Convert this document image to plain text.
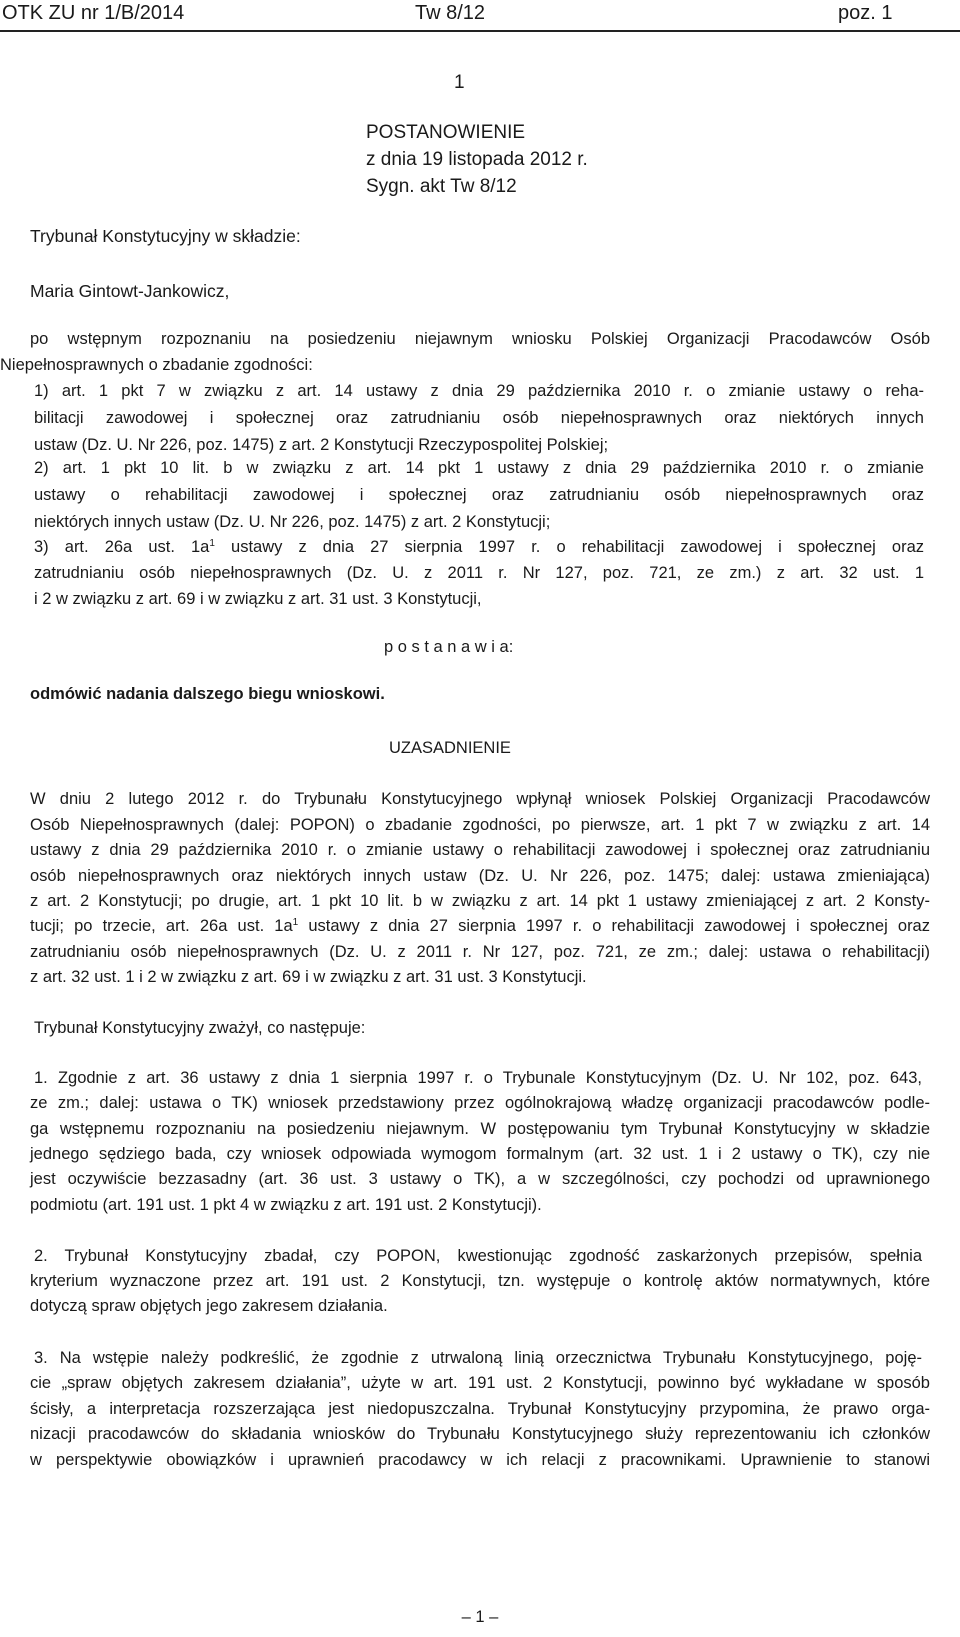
OTK ZU nr 1/B/2014	Tw 8/12	poz. 1
1
POSTANOWIENIE
z dnia 19 listopada 2012 r.
Sygn. akt Tw 8/12
Trybunał Konstytucyjny w składzie:
Maria Gintowt-Jankowicz,

po wstępnym rozpoznaniu na posiedzeniu niejawnym wniosku Polskiej Organizacji Pracodawców Osób

Niepełnosprawnych o zbadanie zgodności:

1) art. 1 pkt 7 w związku z art. 14 ustawy z dnia 29 października 2010 r. o zmianie ustawy o reha-

bilitacji zawodowej i społecznej oraz zatrudnianiu osób niepełnosprawnych oraz niektórych innych

ustaw (Dz. U. Nr 226, poz. 1475) z art. 2 Konstytucji Rzeczypospolitej Polskiej;

2) art. 1 pkt 10 lit. b w związku z art. 14 pkt 1 ustawy z dnia 29 października 2010 r. o zmianie

ustawy o rehabilitacji zawodowej i społecznej oraz zatrudnianiu osób niepełnosprawnych oraz

niektórych innych ustaw (Dz. U. Nr 226, poz. 1475) z art. 2 Konstytucji;

3) art. 26a ust. $1a^1$ ustawy z dnia 27 sierpnia 1997 r. o rehabilitacji zawodowej i społecznej oraz

zatrudnianiu osób niepełnosprawnych (Dz. U. z 2011 r. Nr 127, poz. 721, ze zm.) z art. 32 ust. 1

i 2 w związku z art. 69 i w związku z art. 31 ust. 3 Konstytucji,

p o s t a n a w i a:
odmówić nadania dalszego biegu wnioskowi.
UZASADNIENIE

W dniu 2 lutego 2012 r. do Trybunału Konstytucyjnego wpłynął wniosek Polskiej Organizacji Pracodawców

Osób Niepełnosprawnych (dalej: POPON) o zbadanie zgodności, po pierwsze, art. 1 pkt 7 w związku z art. 14

ustawy z dnia 29 października 2010 r. o zmianie ustawy o rehabilitacji zawodowej i społecznej oraz zatrudnianiu

osób niepełnosprawnych oraz niektórych innych ustaw (Dz. U. Nr 226, poz. 1475; dalej: ustawa zmieniająca)

z art. 2 Konstytucji; po drugie, art. 1 pkt 10 lit. b w związku z art. 14 pkt 1 ustawy zmieniającej z art. 2 Konsty-

tucji; po trzecie, art. 26a ust. $1a^1$ ustawy z dnia 27 sierpnia 1997 r. o rehabilitacji zawodowej i społecznej oraz

zatrudnianiu osób niepełnosprawnych (Dz. U. z 2011 r. Nr 127, poz. 721, ze zm.; dalej: ustawa o rehabilitacji)

z art. 32 ust. 1 i 2 w związku z art. 69 i w związku z art. 31 ust. 3 Konstytucji.

Trybunał Konstytucyjny zważył, co następuje:

1. Zgodnie z art. 36 ustawy z dnia 1 sierpnia 1997 r. o Trybunale Konstytucyjnym (Dz. U. Nr 102, poz. 643,

ze zm.; dalej: ustawa o TK) wniosek przedstawiony przez ogólnokrajową władzę organizacji pracodawców podle-

ga wstępnemu rozpoznaniu na posiedzeniu niejawnym. W postępowaniu tym Trybunał Konstytucyjny w składzie

jednego sędziego bada, czy wniosek odpowiada wymogom formalnym (art. 32 ust. 1 i 2 ustawy o TK), czy nie

jest oczywiście bezzasadny (art. 36 ust. 3 ustawy o TK), a w szczególności, czy pochodzi od uprawnionego

podmiotu (art. 191 ust. 1 pkt 4 w związku z art. 191 ust. 2 Konstytucji).

2. Trybunał Konstytucyjny zbadał, czy POPON, kwestionując zgodność zaskarżonych przepisów, spełnia

kryterium wyznaczone przez art. 191 ust. 2 Konstytucji, tzn. występuje o kontrolę aktów normatywnych, które

dotyczą spraw objętych jego zakresem działania.

3. Na wstępie należy podkreślić, że zgodnie z utrwaloną linią orzecznictwa Trybunału Konstytucyjnego, poję-

cie „spraw objętych zakresem działania”, użyte w art. 191 ust. 2 Konstytucji, powinno być wykładane w sposób

ścisły, a interpretacja rozszerzająca jest niedopuszczalna. Trybunał Konstytucyjny przypomina, że prawo orga-

nizacji pracodawców do składania wniosków do Trybunału Konstytucyjnego służy reprezentowaniu ich członków

w perspektywie obowiązków i uprawnień pracodawcy w ich relacji z pracownikami. Uprawnienie to stanowi

– 1 –
